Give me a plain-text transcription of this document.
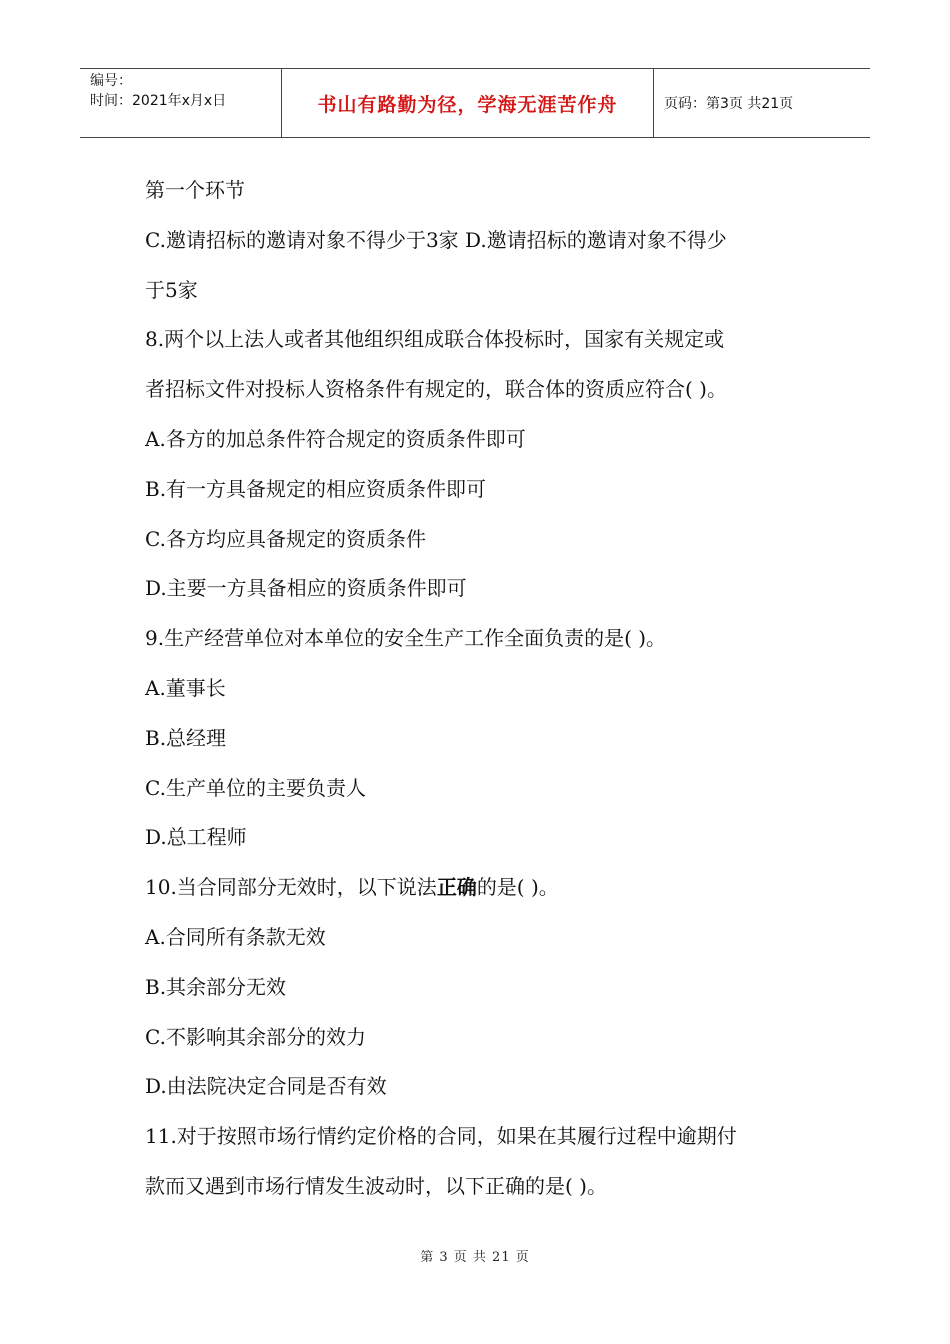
编号：
时间：2021年x月x日	书山有路勤为径，学海无涯苦作舟	页码：第3页 共21页
第一个环节
C.邀请招标的邀请对象不得少于3家 D.邀请招标的邀请对象不得少
于5家
8.两个以上法人或者其他组织组成联合体投标时，国家有关规定或
者招标文件对投标人资格条件有规定的，联合体的资质应符合( )。
A.各方的加总条件符合规定的资质条件即可
B.有一方具备规定的相应资质条件即可
C.各方均应具备规定的资质条件
D.主要一方具备相应的资质条件即可
9.生产经营单位对本单位的安全生产工作全面负责的是( )。
A.董事长
B.总经理
C.生产单位的主要负责人
D.总工程师
10.当合同部分无效时，以下说法正确的是( )。
A.合同所有条款无效
B.其余部分无效
C.不影响其余部分的效力
D.由法院决定合同是否有效
11.对于按照市场行情约定价格的合同，如果在其履行过程中逾期付
款而又遇到市场行情发生波动时，以下正确的是( )。
第 3 页 共 21 页
